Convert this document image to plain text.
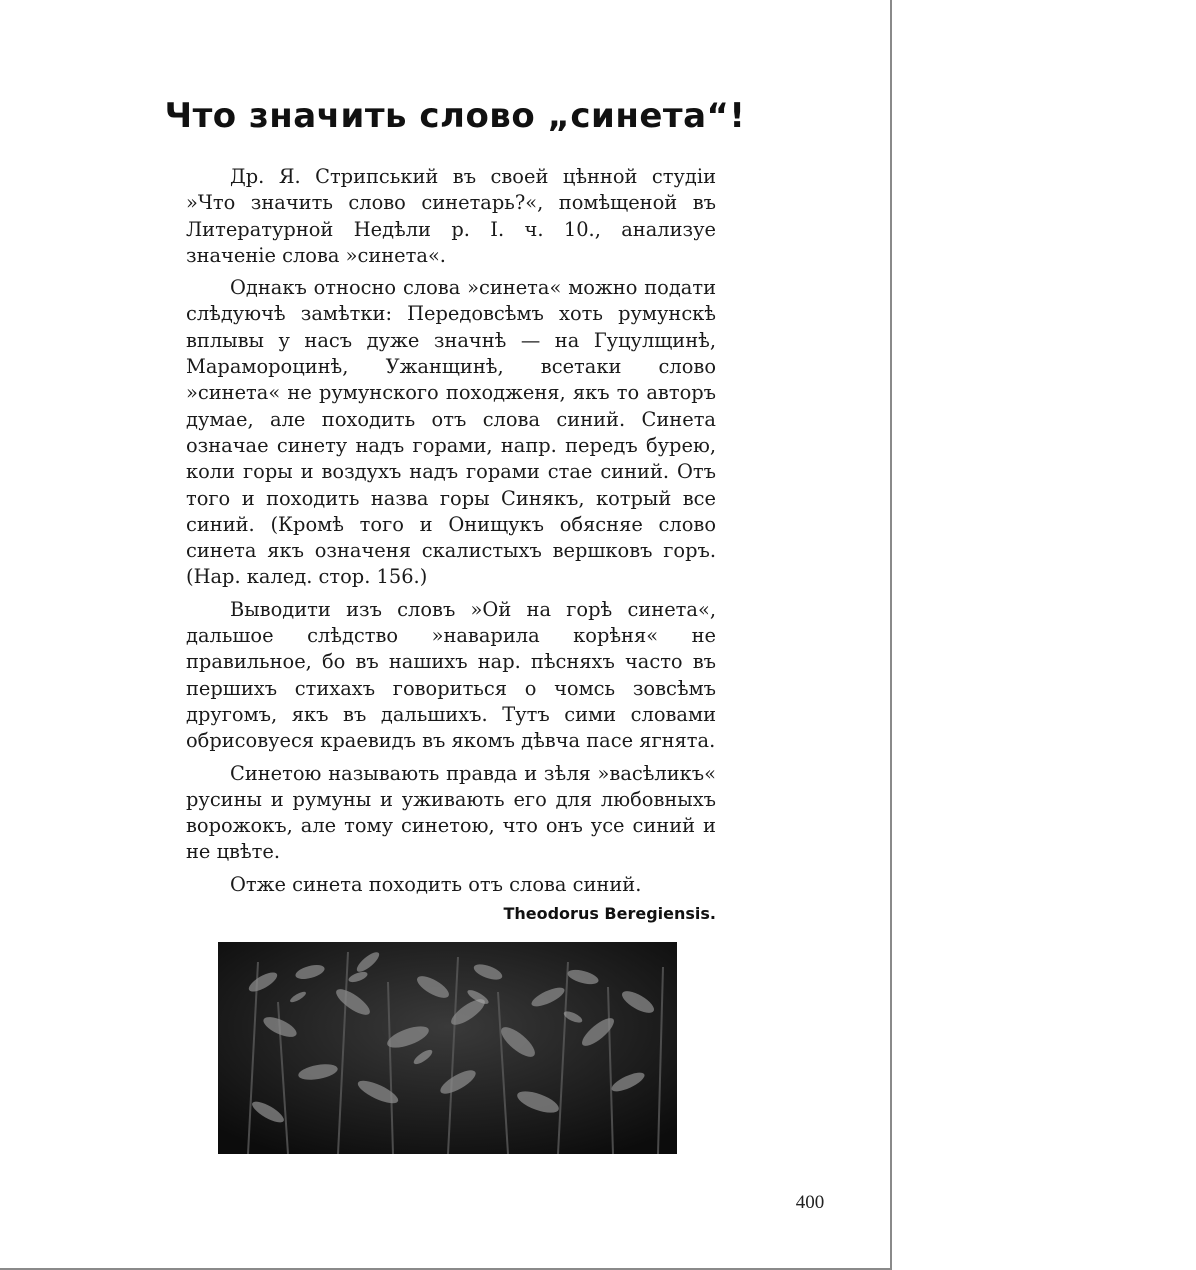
Что значить слово „синета“!

Др. Я. Стрипський въ своей цѣнной студіи »Что значить слово синетарь?«, помѣщеной въ Литературной Недѣли р. I. ч. 10., анализуе значеніе слова »синета«.

Однакъ относно слова »синета« можно подати слѣдуючѣ замѣтки: Передовсѣмъ хоть румунскѣ вплывы у насъ дуже значнѣ — на Гуцулщинѣ, Марамороцинѣ, Ужанщинѣ, всетаки слово »синета« не румунского походженя, якъ то авторъ думае, але походить отъ слова синий. Синета означае синету надъ горами, напр. передъ бурею, коли горы и воздухъ надъ горами стае синий. Отъ того и походить назва горы Синякъ, котрый все синий. (Кромѣ того и Онищукъ обясняе слово синета якъ означеня скалистыхъ вершковъ горъ. (Нар. калед. стор. 156.)

Выводити изъ словъ »Ой на горѣ синета«, дальшое слѣдство »наварила корѣня« не правильное, бо въ нашихъ нар. пѣсняхъ часто въ першихъ стихахъ говориться о чомсь зовсѣмъ другомъ, якъ въ дальшихъ. Тутъ сими словами обрисовуеся краевидъ въ якомъ дѣвча пасе ягнята.

Синетою называють правда и зѣля »васѣликъ« русины и румуны и уживають его для любовныхъ ворожокъ, але тому синетою, что онъ усе синий и не цвѣте.

Отже синета походить отъ слова синий.

Theodorus Beregiensis.
400
